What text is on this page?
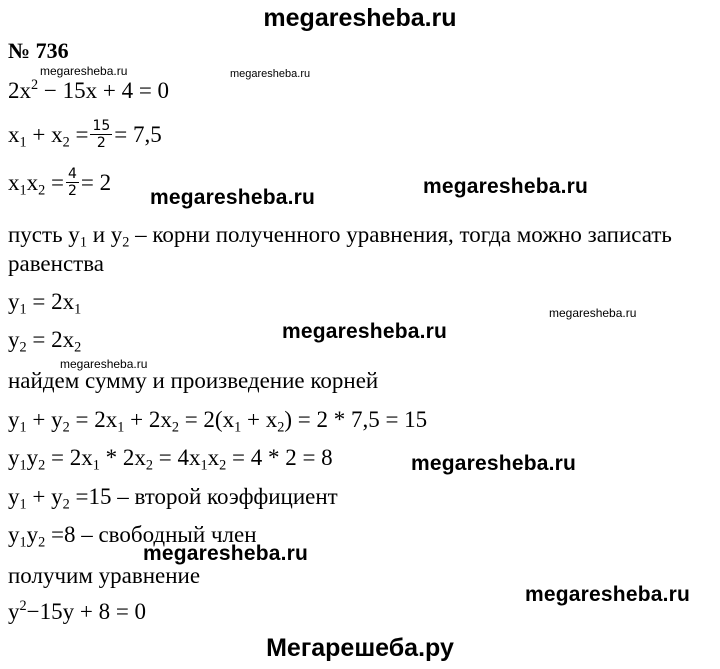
megaresheba.ru
№ 736
megaresheba.ru	megaresheba.ru
megaresheba.ru
megaresheba.ru
$2x^2 - 15x + 4 = 0$
$x_1 + x_2 = \frac{15}{2} = 7,5$
$x_1x_2 = \frac{4}{2} = 2$
megaresheba.ru	megaresheba.ru
пусть $y_1$ и $y_2$ – корни полученного уравнения, тогда можно записать
равенства
$y_1 = 2x_1$
$y_2 = 2x_2$
megaresheba.ru
найдем сумму и произведение корней
$y_1 + y_2 = 2x_1 + 2x_2 = 2(x_1 + x_2) = 2 * 7,5 = 15$
$y_1y_2 = 2x_1 * 2x_2 = 4x_1x_2 = 4 * 2 = 8$	megaresheba.ru
$y_1 + y_2 =15$ – второй коэффициент
$y_1y_2 =8$ – свободный член
megaresheba.ru
получим уравнение
$y^2-15y + 8 = 0$
megaresheba.ru
Мегарешеба.ру
